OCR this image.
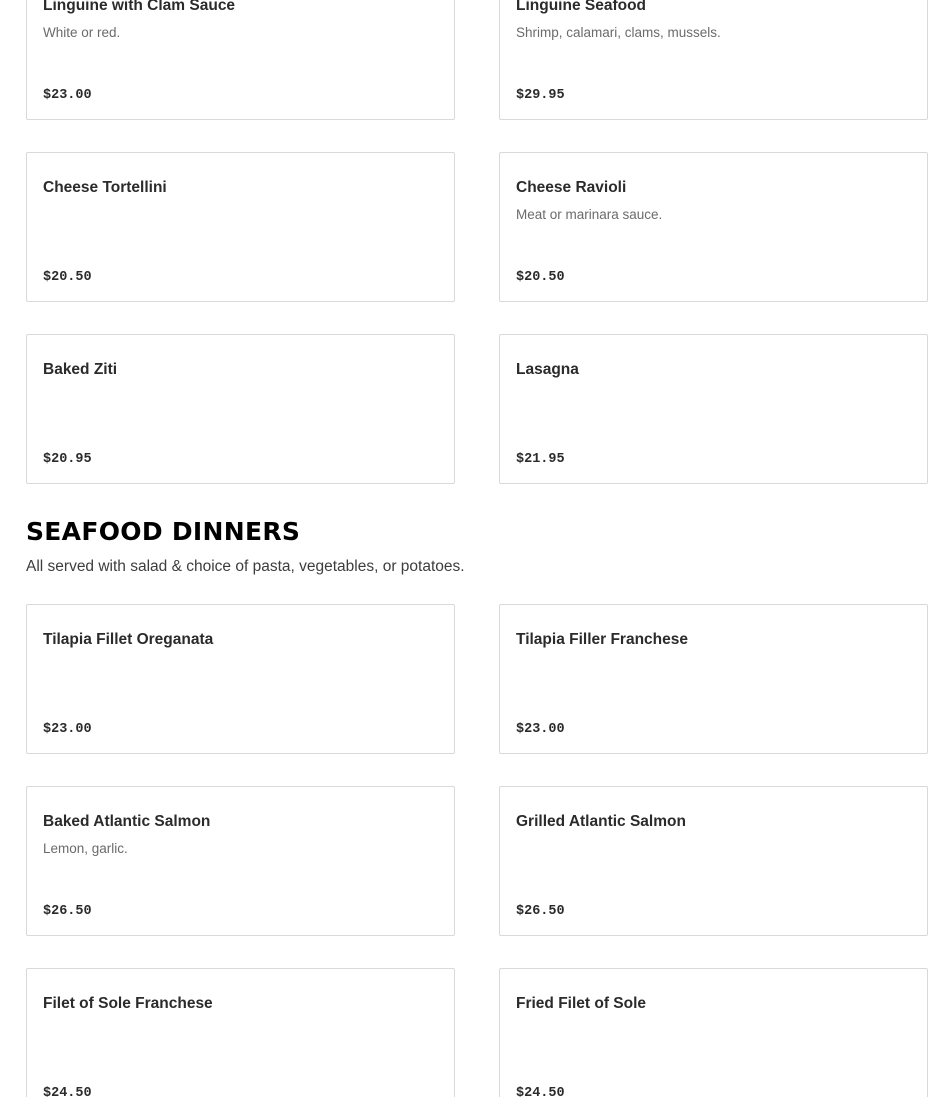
Linguine with Clam Sauce
White or red.
$23.00
Linguine Seafood
Shrimp, calamari, clams, mussels.
$29.95
Cheese Tortellini
$20.50
Cheese Ravioli
Meat or marinara sauce.
$20.50
Baked Ziti
$20.95
Lasagna
$21.95
SEAFOOD DINNERS

All served with salad & choice of pasta, vegetables, or potatoes.

Tilapia Fillet Oreganata
$23.00
Tilapia Filler Franchese
$23.00
Baked Atlantic Salmon
Lemon, garlic.
$26.50
Grilled Atlantic Salmon
$26.50
Filet of Sole Franchese
$24.50
Fried Filet of Sole
$24.50
